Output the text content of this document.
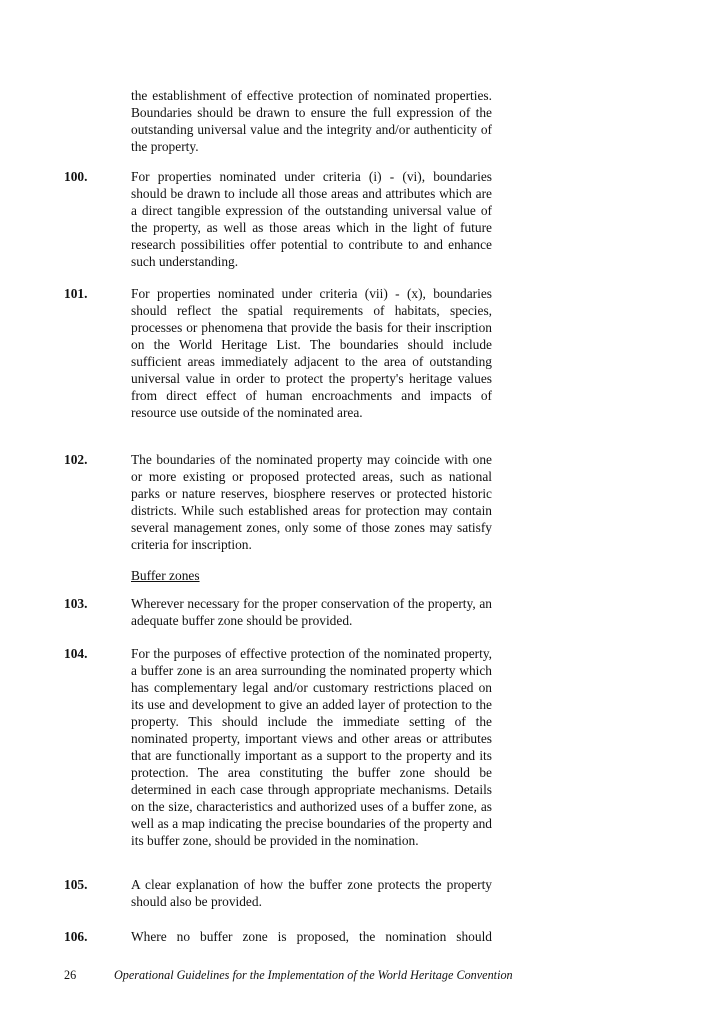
the establishment of effective protection of nominated properties. Boundaries should be drawn to ensure the full expression of the outstanding universal value and the integrity and/or authenticity of the property.
100.	For properties nominated under criteria (i) - (vi), boundaries should be drawn to include all those areas and attributes which are a direct tangible expression of the outstanding universal value of the property, as well as those areas which in the light of future research possibilities offer potential to contribute to and enhance such understanding.
101.	For properties nominated under criteria (vii) - (x), boundaries should reflect the spatial requirements of habitats, species, processes or phenomena that provide the basis for their inscription on the World Heritage List. The boundaries should include sufficient areas immediately adjacent to the area of outstanding universal value in order to protect the property's heritage values from direct effect of human encroachments and impacts of resource use outside of the nominated area.
102.	The boundaries of the nominated property may coincide with one or more existing or proposed protected areas, such as national parks or nature reserves, biosphere reserves or protected historic districts. While such established areas for protection may contain several management zones, only some of those zones may satisfy criteria for inscription.
Buffer zones
103.	Wherever necessary for the proper conservation of the property, an adequate buffer zone should be provided.
104.	For the purposes of effective protection of the nominated property, a buffer zone is an area surrounding the nominated property which has complementary legal and/or customary restrictions placed on its use and development to give an added layer of protection to the property. This should include the immediate setting of the nominated property, important views and other areas or attributes that are functionally important as a support to the property and its protection. The area constituting the buffer zone should be determined in each case through appropriate mechanisms. Details on the size, characteristics and authorized uses of a buffer zone, as well as a map indicating the precise boundaries of the property and its buffer zone, should be provided in the nomination.
105.	A clear explanation of how the buffer zone protects the property should also be provided.
106.	Where no buffer zone is proposed, the nomination should
26	Operational Guidelines for the Implementation of the World Heritage Convention
